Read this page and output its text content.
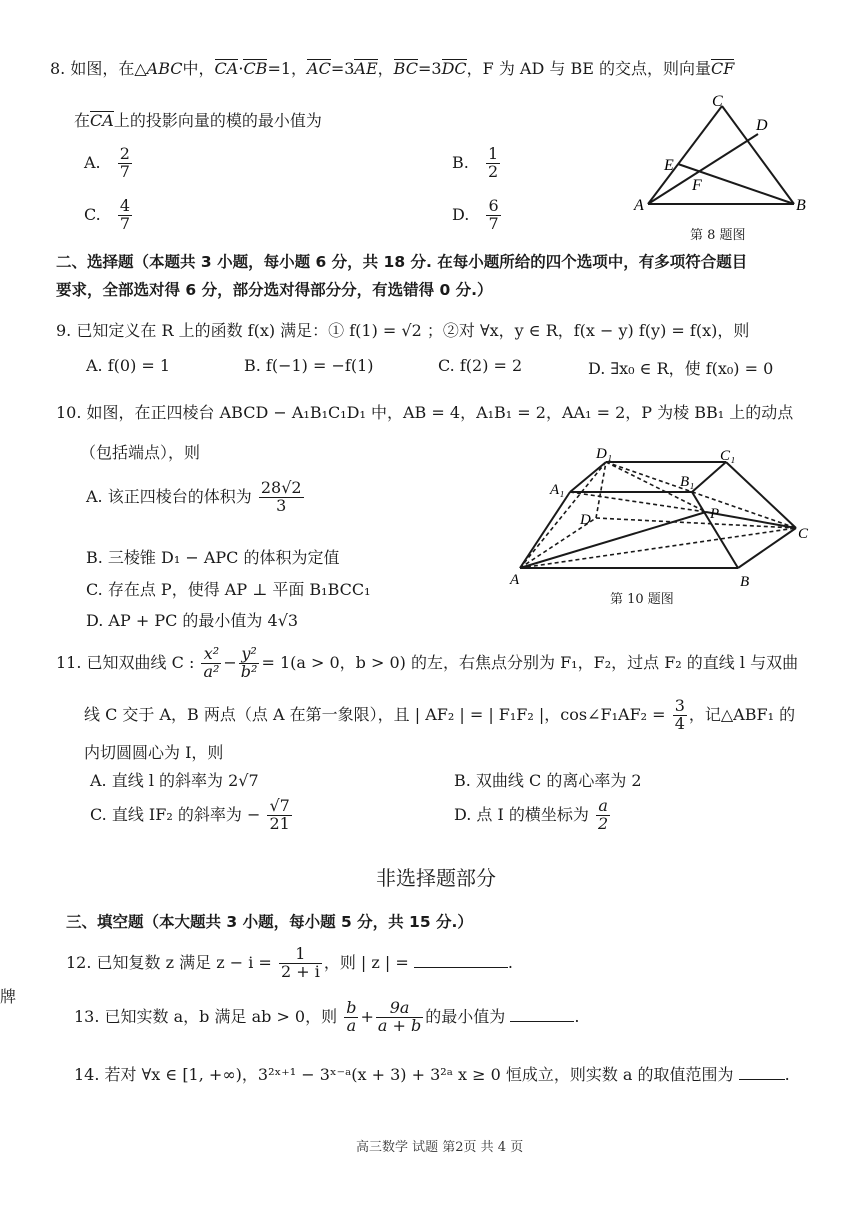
8. 如图，在△ABC中，CA·CB=1，AC=3AE，BC=3DC，F 为 AD 与 BE 的交点，则向量CF
在CA上的投影向量的模的最小值为
A. $\frac{2}{7}$	B. $\frac{1}{2}$
C. $\frac{4}{7}$	D. $\frac{6}{7}$
C
D
E
F
A	B
第 8 题图
二、选择题（本题共 3 小题，每小题 6 分，共 18 分. 在每小题所给的四个选项中，有多项符合题目
要求，全部选对得 6 分，部分选对得部分分，有选错得 0 分.）
9. 已知定义在 R 上的函数 f(x) 满足：① f(1) = √2 ；②对 ∀x，y ∈ R，f(x − y) f(y) = f(x)，则
A. f(0) = 1	B. f(−1) = −f(1)	C. f(2) = 2	D. ∃x₀ ∈ R，使 f(x₀) = 0
10. 如图，在正四棱台 ABCD − A₁B₁C₁D₁ 中，AB = 4，A₁B₁ = 2，AA₁ = 2，P 为棱 BB₁ 上的动点
（包括端点），则
A. 该正四棱台的体积为 $\frac{28√2}{3}$
B. 三棱锥 D₁ − APC 的体积为定值
C. 存在点 P，使得 AP ⊥ 平面 B₁BCC₁
D. AP + PC 的最小值为 4√3
D₁	C₁
A₁	B₁
D	P
C
A	B
第 10 题图
11. 已知双曲线 C : $\frac{\text{x²}}{\text{a²}} - \frac{\text{y²}}{\text{b²}} = 1(a > 0$，b > 0) 的左，右焦点分别为 F₁，F₂，过点 F₂ 的直线 l 与双曲
线 C 交于 A，B 两点（点 A 在第一象限），且 | AF₂ | = | F₁F₂ |，cos∠F₁AF₂ = $\frac{3}{4}$ ，记△ABF₁ 的
内切圆圆心为 I，则
A. 直线 l 的斜率为 2√7	B. 双曲线 C 的离心率为 2
C. 直线 IF₂ 的斜率为 − $\frac{√7}{21}$	D. 点 I 的横坐标为 $\frac{a}{2}$
非选择题部分
三、填空题（本大题共 3 小题，每小题 5 分，共 15 分.）
12. 已知复数 z 满足 $z - i = \frac{1}{2 + i}$ ，则 | z | =	.
13. 已知实数 a，b 满足 ab > 0，则 $\frac{b}{a} + \frac{9a}{a + b}$ 的最小值为	.
14. 若对 ∀x ∈ [1, +∞)，3²ˣ⁺¹ − 3ˣ⁻ᵃ(x + 3) + 3²ᵃ x ≥ 0 恒成立，则实数 a 的取值范围为	.
牌
高三数学 试题 第2页 共 4 页
